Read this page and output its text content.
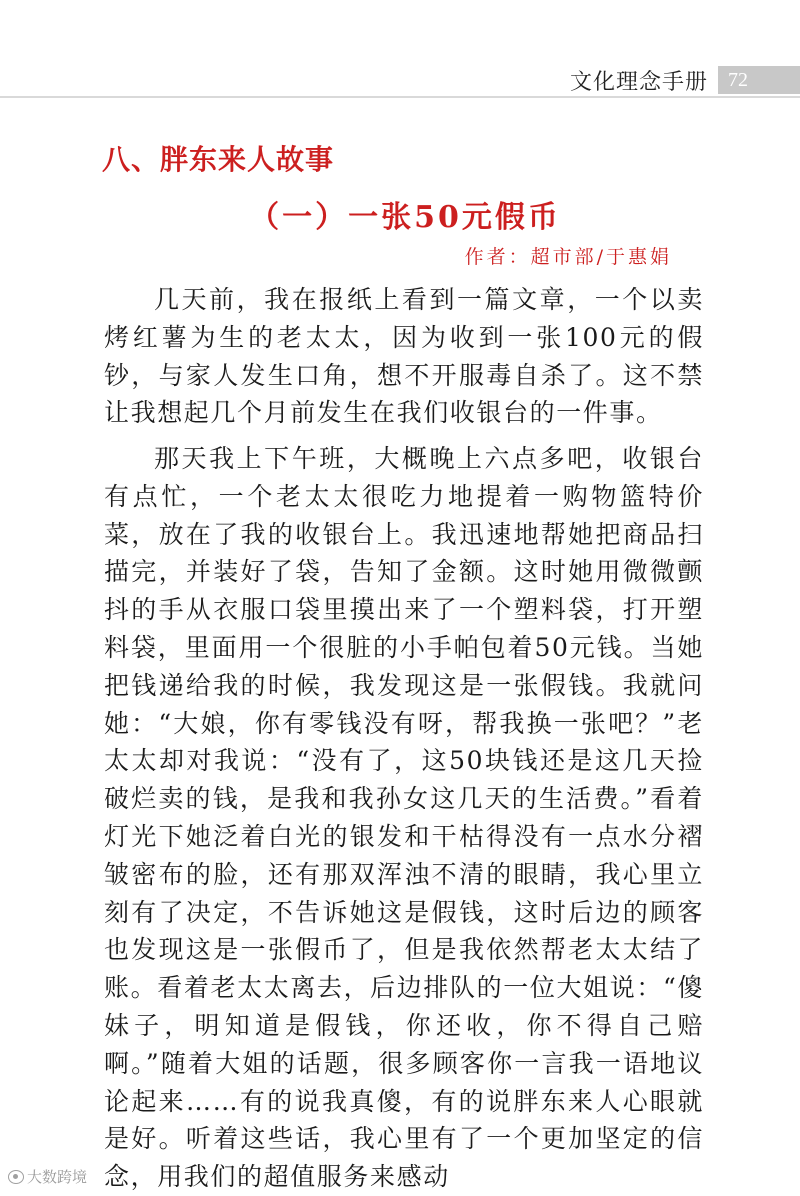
文化理念手册	72
八、胖东来人故事
（一）一张50元假币

作者：超市部/于惠娟

几天前，我在报纸上看到一篇文章，一个以卖烤红薯为生的老太太，因为收到一张100元的假钞，与家人发生口角，想不开服毒自杀了。这不禁让我想起几个月前发生在我们收银台的一件事。

那天我上下午班，大概晚上六点多吧，收银台有点忙，一个老太太很吃力地提着一购物篮特价菜，放在了我的收银台上。我迅速地帮她把商品扫描完，并装好了袋，告知了金额。这时她用微微颤抖的手从衣服口袋里摸出来了一个塑料袋，打开塑料袋，里面用一个很脏的小手帕包着50元钱。当她把钱递给我的时候，我发现这是一张假钱。我就问她：“大娘，你有零钱没有呀，帮我换一张吧？”老太太却对我说：“没有了，这50块钱还是这几天捡破烂卖的钱，是我和我孙女这几天的生活费。”看着灯光下她泛着白光的银发和干枯得没有一点水分褶皱密布的脸，还有那双浑浊不清的眼睛，我心里立刻有了决定，不告诉她这是假钱，这时后边的顾客也发现这是一张假币了，但是我依然帮老太太结了账。看着老太太离去，后边排队的一位大姐说：“傻妹子，明知道是假钱，你还收，你不得自己赔啊。”随着大姐的话题，很多顾客你一言我一语地议论起来……有的说我真傻，有的说胖东来人心眼就是好。听着这些话，我心里有了一个更加坚定的信念，用我们的超值服务来感动

大数跨境
